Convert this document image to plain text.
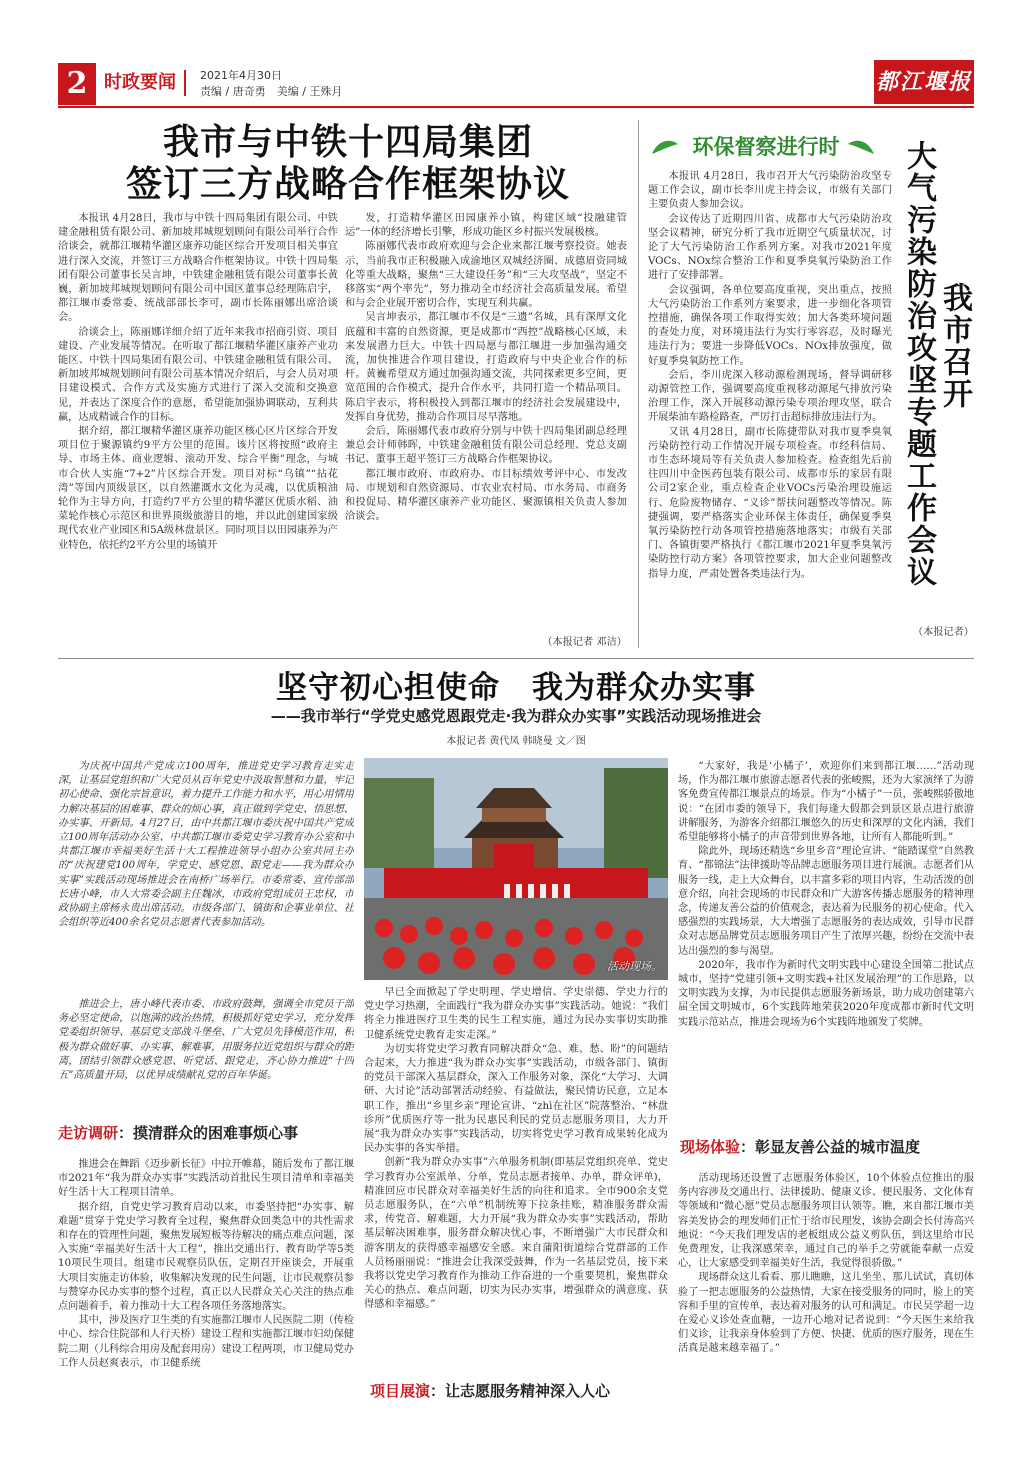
2 时政要闻 2021年4月30日
责编 / 唐奇勇　美编 / 王殊月	都江堰报
我市与中铁十四局集团
签订三方战略合作框架协议

本报讯 4月28日，我市与中铁十四局集团有限公司、中铁建金融租赁有限公司、新加坡邦城规划顾问有限公司举行合作洽谈会，就都江堰精华灌区康养功能区综合开发项目相关事宜进行深入交流，并签订三方战略合作框架协议。中铁十四局集团有限公司董事长吴言坤，中铁建金融租赁有限公司董事长黄巍，新加坡邦城规划顾问有限公司中国区董事总经理陈启宇，都江堰市委常委、统战部部长李可，副市长陈丽娜出席洽谈会。

洽谈会上，陈丽娜详细介绍了近年来我市招商引资、项目建设、产业发展等情况。在听取了都江堰精华灌区康养产业功能区、中铁十四局集团有限公司、中铁建金融租赁有限公司、新加坡邦城规划顾问有限公司基本情况介绍后，与会人员对项目建设模式、合作方式及实施方式进行了深入交流和交换意见，并表达了深度合作的意愿，希望能加强协调联动，互利共赢，达成精诚合作的目标。

据介绍，都江堰精华灌区康养功能区核心区片区综合开发项目位于聚源镇约9平方公里的范围。该片区将按照“政府主导、市场主体、商业逻辑、滚动开发、综合平衡”理念，与城市合伙人实施“7+2”片区综合开发。项目对标“乌镇”“拈花湾”等国内顶级景区，以自然灌溉水文化为灵魂，以优质粮油轮作为主导方向，打造约7平方公里的精华灌区优质水稻、油菜轮作核心示范区和世界顶级旅游目的地，并以此创建国家级现代农业产业园区和5A级林盘景区。同时项目以田园康养为产业特色，依托约2平方公里的场镇开

发，打造精华灌区田园康养小镇，构建区域“投融建管运”一体的经济增长引擎，形成功能区乡村振兴发展极核。

陈丽娜代表市政府欢迎与会企业来都江堰考察投资。她表示，当前我市正积极融入成渝地区双城经济圈、成德眉资同城化等重大战略，聚焦“三大建设任务”和“三大攻坚战”，坚定不移落实“两个率先”，努力推动全市经济社会高质量发展。希望和与会企业展开密切合作，实现互利共赢。

吴言坤表示，都江堰市不仅是“三遗”名城，具有深厚文化底蕴和丰富的自然资源，更是成都市“西控”战略核心区域，未来发展潜力巨大。中铁十四局愿与都江堰进一步加强沟通交流，加快推进合作项目建设，打造政府与中央企业合作的标杆。黄巍希望双方通过加强沟通交流，共同探索更多空间，更宽范围的合作模式，提升合作水平，共同打造一个精品项目。陈启宇表示，将积极投入到都江堰市的经济社会发展建设中，发挥自身优势，推动合作项目尽早落地。

会后，陈丽娜代表市政府分别与中铁十四局集团副总经理兼总会计师韩晖，中铁建金融租赁有限公司总经理、党总支副书记、董事王超平签订三方战略合作框架协议。

都江堰市政府、市政府办、市目标绩效考评中心、市发改局、市规划和自然资源局、市农业农村局、市水务局、市商务和投促局、精华灌区康养产业功能区、聚源镇相关负责人参加洽谈会。

（本报记者 邓洁）
环保督察进行时
我市召开
大气污染防治攻坚专题工作会议

本报讯 4月28日，我市召开大气污染防治攻坚专题工作会议，副市长李川虎主持会议，市级有关部门主要负责人参加会议。

会议传达了近期四川省、成都市大气污染防治攻坚会议精神，研究分析了我市近期空气质量状况，讨论了大气污染防治工作系列方案。对我市2021年度VOCs、NOx综合整治工作和夏季臭氧污染防治工作进行了安排部署。

会议强调，各单位要高度重视，突出重点，按照大气污染防治工作系列方案要求，进一步细化各项管控措施，确保各项工作取得实效；加大各类环境问题的查处力度，对环境违法行为实行零容忍，及时曝光违法行为；要进一步降低VOCs、NOx排放强度，做好夏季臭氧防控工作。

会后，李川虎深入移动源检测现场，督导调研移动源管控工作，强调要高度重视移动源尾气排放污染治理工作，深入开展移动源污染专项治理攻坚，联合开展柴油车路检路查，严厉打击超标排放违法行为。

又讯 4月28日，副市长陈捷带队对我市夏季臭氧污染防控行动工作情况开展专项检查。市经科信局、市生态环境局等有关负责人参加检查。检查组先后前往四川中金医药包装有限公司、成都市乐的家居有限公司2家企业，重点检查企业VOCs污染治理设施运行、危险废物储存、“义诊”帮扶问题整改等情况。陈捷强调，要严格落实企业环保主体责任，确保夏季臭氧污染防控行动各项管控措施落地落实；市级有关部门、各镇街要严格执行《都江堰市2021年夏季臭氧污染防控行动方案》各项管控要求，加大企业问题整改指导力度，严肃处置各类违法行为。

（本报记者）
坚守初心担使命　我为群众办实事
——我市举行“学党史感党恩跟党走·我为群众办实事”实践活动现场推进会
本报记者 黄代凤 韩晓曼 文／图

为庆祝中国共产党成立100周年，推进党史学习教育走实走深，让基层党组织和广大党员从百年党史中汲取智慧和力量，牢记初心使命、强化宗旨意识，着力提升工作能力和水平，用心用情用力解决基层的困难事、群众的烦心事，真正做到学党史、悟思想、办实事、开新局。4月27日，由中共都江堰市委庆祝中国共产党成立100周年活动办公室、中共都江堰市委党史学习教育办公室和中共都江堰市幸福美好生活十大工程推进领导小组办公室共同主办的“庆祝建党100周年，学党史、感党恩、跟党走——我为群众办实事”实践活动现场推进会在南桥广场举行。市委常委、宣传部部长唐小峰，市人大常委会副主任魏冰，市政府党组成员王忠权，市政协副主席杨永贵出席活动。市级各部门、镇街和企事业单位、社会组织等近400余名党员志愿者代表参加活动。

推进会上，唐小峰代表市委、市政府鼓舞，强调全市党员干部务必坚定使命，以饱满的政治热情，积极抓好党史学习，充分发挥党委组织领导、基层党支部战斗堡垒、广大党员先锋模范作用，积极为群众做好事、办实事、解难事，用服务拉近党组织与群众的距离，团结引领群众感党恩、听党话、跟党走，齐心协力推进“十四五”高质量开局，以优异成绩献礼党的百年华诞。

活动现场。

早已全面掀起了学史明理、学史增信、学史崇德、学史力行的党史学习热潮，全面践行“我为群众办实事”实践活动。她说：“我们将全力推进医疗卫生类的民生工程实施，通过为民办实事切实助推卫健系统党史教育走实走深。”

为切实将党史学习教育同解决群众“急、难、愁、盼”的问题结合起来，大力推进“我为群众办实事”实践活动，市级各部门、镇街的党员干部深入基层群众，深入工作服务对象，深化“大学习、大调研、大讨论”活动部署活动经验、有益做法，聚民情访民意，立足本职工作，推出“乡里乡亲”理论宣讲、“zhì在社区”院落整治、“林盘诊所”优质医疗等一批为民惠民利民的党员志愿服务项目，大力开展“我为群众办实事”实践活动，切实将党史学习教育成果转化成为民办实事的各实举措。

创新“我为群众办实事”六单服务机制(即基层党组织亮单、党史学习教育办公室派单、分单，党员志愿者接单、办单，群众评单)，精准回应市民群众对幸福美好生活的向往和追求。全市900余支党员志愿服务队，在“六单”机制统筹下拉条挂账，精准服务群众需求，传党音、解难题，大力开展“我为群众办实事”实践活动，帮助基层解决困难事，服务群众解决忧心事，不断增强广大市民群众和游客朋友的获得感幸福感安全感。来自蒲阳街道综合党群部的工作人员杨丽丽说：“推进会让我深受鼓舞，作为一名基层党员，接下来我将以党史学习教育作为推动工作奋进的一个重要契机，聚焦群众关心的热点、难点问题，切实为民办实事，增强群众的满意度、获得感和幸福感。”

走访调研：摸清群众的困难事烦心事

推进会在舞蹈《迈步新长征》中拉开帷幕，随后发布了都江堰市2021年“我为群众办实事”实践活动首批民生项目清单和幸福美好生活十大工程项目清单。

据介绍，自党史学习教育启动以来，市委坚持把“办实事、解难题”贯穿于党史学习教育全过程，聚焦群众回类急中的共性需求和存在的管理性问题，聚焦发展短板等待解决的痛点难点问题，深入实施“幸福美好生活十大工程”，推出交通出行、教育助学等5类10项民生项目。组建市民观察员队伍，定期召开座谈会，开展重大项目实施走访体验，收集解决发现的民生问题，让市民观察员参与赞穿办民办实事的整个过程，真正以人民群众关心关注的热点难点问题着手，着力推动十大工程各项任务落地落实。

其中，涉及医疗卫生类的有实施都江堰市人民医院二期（传检中心、综合住院部和人行天桥）建设工程和实施都江堰市妇幼保健院二期（儿科综合用房及配套用房）建设工程两项，市卫健局党办工作人员赵爽表示，市卫健系统

项目展演：让志愿服务精神深入人心

“大家好，我是‘小橘子’，欢迎你们来到都江堰……”活动现场，作为都江堰市旅游志愿者代表的张峻熙，还为大家演绎了为游客免费宣传都江堰景点的场景。作为“小橘子”一员，张峻熙骄傲地说：“在团市委的领导下，我们每逢大假都会到景区景点进行旅游讲解服务，为游客介绍都江堰悠久的历史和深厚的文化内涵，我们希望能够将小橘子的声音带到世界各地，让所有人都能听到。”

除此外，现场还精选“乡里乡音”理论宣讲、“能踏谋堂”自然教育、“都锦法”法律援助等品牌志愿服务项目进行展演。志愿者们从服务一线，走上大众舞台，以丰富多彩的项目内容，生动活泼的创意介绍，向社会现场的市民群众和广大游客传播志愿服务的精神理念，传递友善公益的价值观念，表达着为民服务的初心使命。代入感强烈的实践场景，大大增强了志愿服务的表达成效，引导市民群众对志愿品牌党员志愿服务项目产生了浓厚兴趣，纷纷在交流中表达出强烈的参与渴望。

2020年，我市作为新时代文明实践中心建设全国第二批试点城市，坚持“党建引领+文明实践+社区发展治理”的工作思路，以文明实践为支撑，为市民提供志愿服务新场景，助力成功创建第六届全国文明城市，6个实践阵地荣获2020年度成都市新时代文明实践示范站点，推进会现场为6个实践阵地颁发了奖牌。

现场体验：彰显友善公益的城市温度

活动现场还设置了志愿服务体验区，10个体验点位推出的服务内容涉及交通出行、法律援助、健康义诊、便民服务、文化体育等领域和“微心愿”党员志愿服务项目认领等。瞧，来自都江堰市美容美发协会的理发师们正忙于给市民理发，该协会副会长付涛高兴地说：“今天我们理发店的老板组成公益义剪队伍，到这里给市民免费理发，让我深感荣幸，通过自己的举手之劳就能奉献一点爱心，让大家感受到幸福美好生活，我觉得很骄傲。”

现场群众这儿看看、那儿瞧瞧，这儿坐坐、那儿试试，真切体验了一把志愿服务的公益热情，大家在接受服务的同时，脸上的笑容和手里的宣传单，表达着对服务的认可和满足。市民吴学超一边在爱心义诊处查血糖，一边开心地对记者说到：“今天医生来给我们义诊，让我亲身体验到了方便、快捷、优质的医疗服务，现在生活真是越来越幸福了。”
